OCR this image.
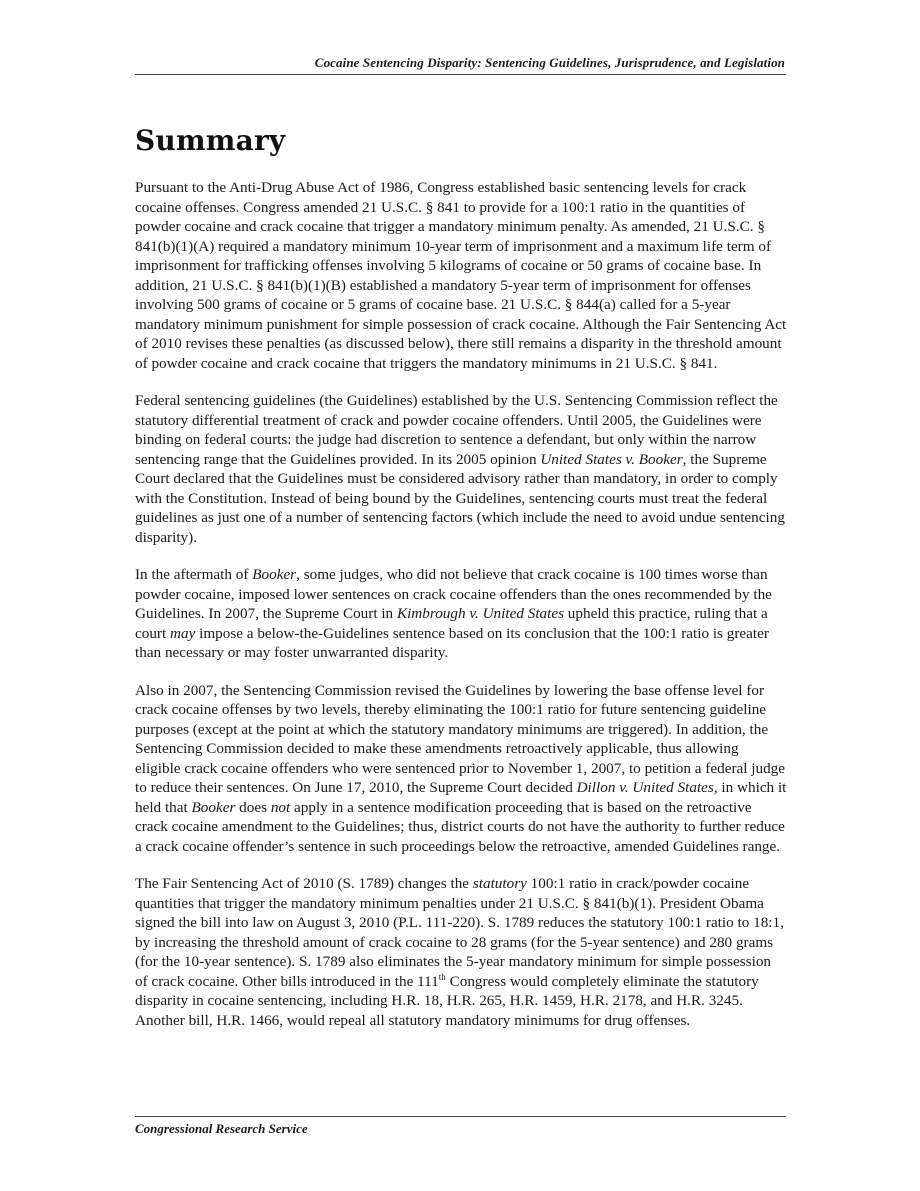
Cocaine Sentencing Disparity: Sentencing Guidelines, Jurisprudence, and Legislation
Summary

Pursuant to the Anti-Drug Abuse Act of 1986, Congress established basic sentencing levels for crack cocaine offenses. Congress amended 21 U.S.C. § 841 to provide for a 100:1 ratio in the quantities of powder cocaine and crack cocaine that trigger a mandatory minimum penalty. As amended, 21 U.S.C. § 841(b)(1)(A) required a mandatory minimum 10-year term of imprisonment and a maximum life term of imprisonment for trafficking offenses involving 5 kilograms of cocaine or 50 grams of cocaine base. In addition, 21 U.S.C. § 841(b)(1)(B) established a mandatory 5-year term of imprisonment for offenses involving 500 grams of cocaine or 5 grams of cocaine base. 21 U.S.C. § 844(a) called for a 5-year mandatory minimum punishment for simple possession of crack cocaine. Although the Fair Sentencing Act of 2010 revises these penalties (as discussed below), there still remains a disparity in the threshold amount of powder cocaine and crack cocaine that triggers the mandatory minimums in 21 U.S.C. § 841.

Federal sentencing guidelines (the Guidelines) established by the U.S. Sentencing Commission reflect the statutory differential treatment of crack and powder cocaine offenders. Until 2005, the Guidelines were binding on federal courts: the judge had discretion to sentence a defendant, but only within the narrow sentencing range that the Guidelines provided. In its 2005 opinion United States v. Booker, the Supreme Court declared that the Guidelines must be considered advisory rather than mandatory, in order to comply with the Constitution. Instead of being bound by the Guidelines, sentencing courts must treat the federal guidelines as just one of a number of sentencing factors (which include the need to avoid undue sentencing disparity).

In the aftermath of Booker, some judges, who did not believe that crack cocaine is 100 times worse than powder cocaine, imposed lower sentences on crack cocaine offenders than the ones recommended by the Guidelines. In 2007, the Supreme Court in Kimbrough v. United States upheld this practice, ruling that a court may impose a below-the-Guidelines sentence based on its conclusion that the 100:1 ratio is greater than necessary or may foster unwarranted disparity.

Also in 2007, the Sentencing Commission revised the Guidelines by lowering the base offense level for crack cocaine offenses by two levels, thereby eliminating the 100:1 ratio for future sentencing guideline purposes (except at the point at which the statutory mandatory minimums are triggered). In addition, the Sentencing Commission decided to make these amendments retroactively applicable, thus allowing eligible crack cocaine offenders who were sentenced prior to November 1, 2007, to petition a federal judge to reduce their sentences. On June 17, 2010, the Supreme Court decided Dillon v. United States, in which it held that Booker does not apply in a sentence modification proceeding that is based on the retroactive crack cocaine amendment to the Guidelines; thus, district courts do not have the authority to further reduce a crack cocaine offender’s sentence in such proceedings below the retroactive, amended Guidelines range.

The Fair Sentencing Act of 2010 (S. 1789) changes the statutory 100:1 ratio in crack/powder cocaine quantities that trigger the mandatory minimum penalties under 21 U.S.C. § 841(b)(1). President Obama signed the bill into law on August 3, 2010 (P.L. 111-220). S. 1789 reduces the statutory 100:1 ratio to 18:1, by increasing the threshold amount of crack cocaine to 28 grams (for the 5-year sentence) and 280 grams (for the 10-year sentence). S. 1789 also eliminates the 5-year mandatory minimum for simple possession of crack cocaine. Other bills introduced in the 111th Congress would completely eliminate the statutory disparity in cocaine sentencing, including H.R. 18, H.R. 265, H.R. 1459, H.R. 2178, and H.R. 3245. Another bill, H.R. 1466, would repeal all statutory mandatory minimums for drug offenses.

Congressional Research Service
